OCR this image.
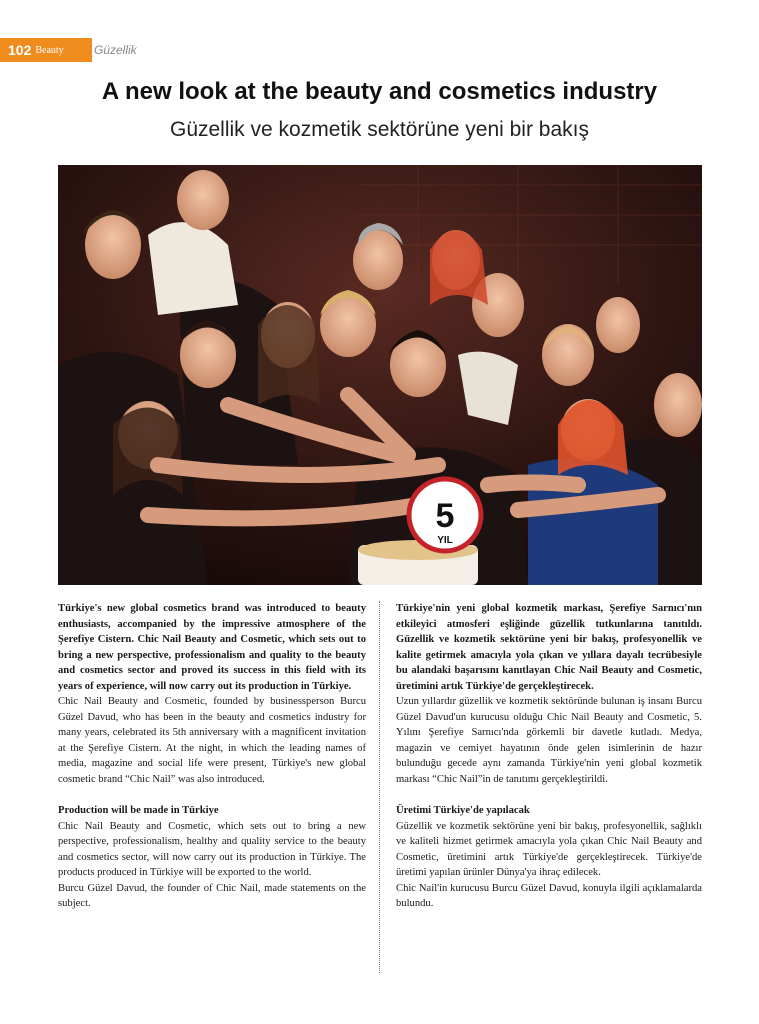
102 Beauty	Güzellik
A new look at the beauty and cosmetics industry
Güzellik ve kozmetik sektörüne yeni bir bakış
5
YIL

Türkiye's new global cosmetics brand was introduced to beauty enthusiasts, accompanied by the impressive atmosphere of the Şerefiye Cistern. Chic Nail Beauty and Cosmetic, which sets out to bring a new perspective, professionalism and quality to the beauty and cosmetics sector and proved its success in this field with its years of experience, will now carry out its production in Türkiye.

Chic Nail Beauty and Cosmetic, founded by businessperson Burcu Güzel Davud, who has been in the beauty and cosmetics industry for many years, celebrated its 5th anniversary with a magnificent invitation at the Şerefiye Cistern. At the night, in which the leading names of media, magazine and social life were present, Türkiye's new global cosmetic brand “Chic Nail” was also introduced.

Production will be made in Türkiye

Chic Nail Beauty and Cosmetic, which sets out to bring a new perspective, professionalism, healthy and quality service to the beauty and cosmetics sector, will now carry out its production in Türkiye. The products produced in Türkiye will be exported to the world.

Burcu Güzel Davud, the founder of Chic Nail, made statements on the subject.

Türkiye'nin yeni global kozmetik markası, Şerefiye Sarnıcı'nın etkileyici atmosferi eşliğinde güzellik tutkunlarına tanıtıldı. Güzellik ve kozmetik sektörüne yeni bir bakış, profesyonellik ve kalite getirmek amacıyla yola çıkan ve yıllara dayalı tecrübesiyle bu alandaki başarısını kanıtlayan Chic Nail Beauty and Cosmetic, üretimini artık Türkiye'de gerçekleştirecek.

Uzun yıllardır güzellik ve kozmetik sektöründe bulunan iş insanı Burcu Güzel Davud'un kurucusu olduğu Chic Nail Beauty and Cosmetic, 5. Yılını Şerefiye Sarnıcı'nda görkemli bir davetle kutladı. Medya, magazin ve cemiyet hayatının önde gelen isimlerinin de hazır bulunduğu gecede aynı zamanda Türkiye'nin yeni global kozmetik markası “Chic Nail”in de tanıtımı gerçekleştirildi.

Üretimi Türkiye'de yapılacak

Güzellik ve kozmetik sektörüne yeni bir bakış, profesyonellik, sağlıklı ve kaliteli hizmet getirmek amacıyla yola çıkan Chic Nail Beauty and Cosmetic, üretimini artık Türkiye'de gerçekleştirecek. Türkiye'de üretimi yapılan ürünler Dünya'ya ihraç edilecek.

Chic Nail'in kurucusu Burcu Güzel Davud, konuyla ilgili açıklamalarda bulundu.
